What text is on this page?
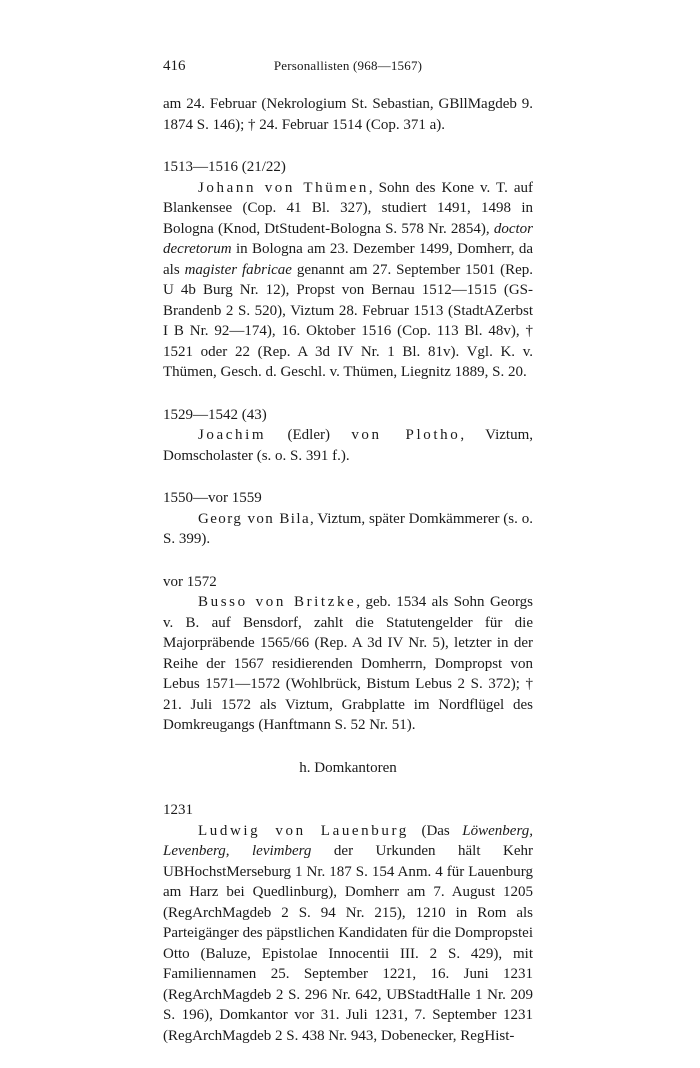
416	Personallisten (968—1567)

am 24. Februar (Nekrologium St. Sebastian, GBllMagdeb 9. 1874 S. 146); † 24. Februar 1514 (Cop. 371 a).

1513—1516 (21/22)

Johann von Thümen, Sohn des Kone v. T. auf Blankensee (Cop. 41 Bl. 327), studiert 1491, 1498 in Bologna (Knod, DtStudent-Bologna S. 578 Nr. 2854), doctor decretorum in Bologna am 23. Dezember 1499, Domherr, da als magister fabricae genannt am 27. September 1501 (Rep. U 4b Burg Nr. 12), Propst von Bernau 1512—1515 (GS-Brandenb 2 S. 520), Viztum 28. Februar 1513 (StadtAZerbst I B Nr. 92—174), 16. Oktober 1516 (Cop. 113 Bl. 48v), † 1521 oder 22 (Rep. A 3d IV Nr. 1 Bl. 81v). Vgl. K. v. Thümen, Gesch. d. Geschl. v. Thümen, Liegnitz 1889, S. 20.

1529—1542 (43)

Joachim (Edler) von Plotho, Viztum, Domscholaster (s. o. S. 391 f.).

1550—vor 1559

Georg von Bila, Viztum, später Domkämmerer (s. o. S. 399).

vor 1572

Busso von Britzke, geb. 1534 als Sohn Georgs v. B. auf Bensdorf, zahlt die Statutengelder für die Majorpräbende 1565/66 (Rep. A 3d IV Nr. 5), letzter in der Reihe der 1567 residierenden Domherrn, Dompropst von Lebus 1571—1572 (Wohlbrück, Bistum Lebus 2 S. 372); † 21. Juli 1572 als Viztum, Grabplatte im Nordflügel des Domkreugangs (Hanftmann S. 52 Nr. 51).

h. Domkantoren

1231

Ludwig von Lauenburg (Das Löwenberg, Levenberg, levimberg der Urkunden hält Kehr UBHochstMerseburg 1 Nr. 187 S. 154 Anm. 4 für Lauenburg am Harz bei Quedlinburg), Domherr am 7. August 1205 (RegArchMagdeb 2 S. 94 Nr. 215), 1210 in Rom als Parteigänger des päpstlichen Kandidaten für die Dompropstei Otto (Baluze, Epistolae Innocentii III. 2 S. 429), mit Familiennamen 25. September 1221, 16. Juni 1231 (RegArchMagdeb 2 S. 296 Nr. 642, UBStadtHalle 1 Nr. 209 S. 196), Domkantor vor 31. Juli 1231, 7. September 1231 (RegArchMagdeb 2 S. 438 Nr. 943, Dobenecker, RegHist-
